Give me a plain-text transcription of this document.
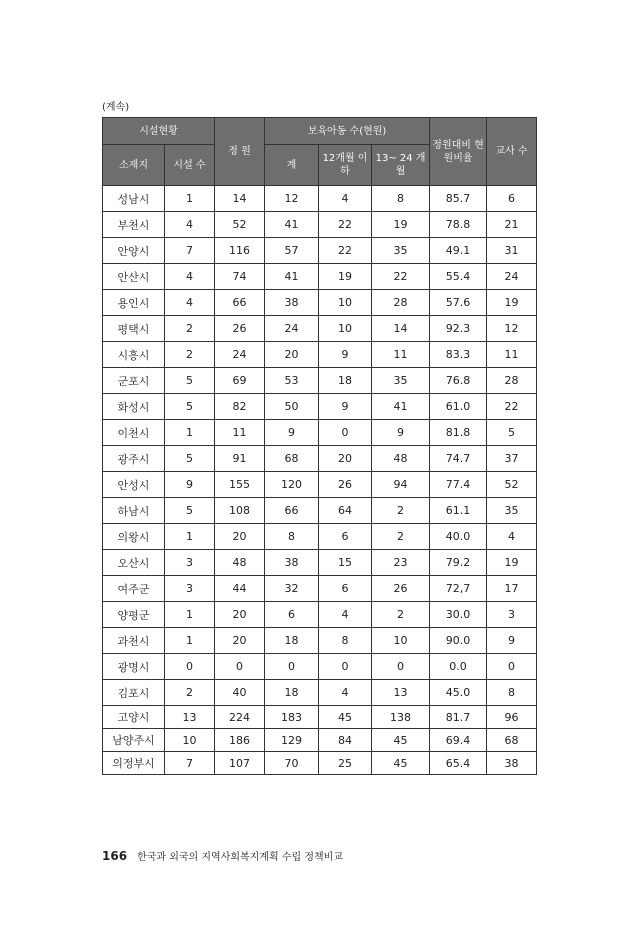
(계속)
시설현황		정 원	보육아동 수(현원)			정원대비 현원비율	교사 수
소재지	시설 수		계	12개월 이하	13~ 24 개월		
성남시	1	14	12	4	8	85.7	6
부천시	4	52	41	22	19	78.8	21
안양시	7	116	57	22	35	49.1	31
안산시	4	74	41	19	22	55.4	24
용인시	4	66	38	10	28	57.6	19
평택시	2	26	24	10	14	92.3	12
시흥시	2	24	20	9	11	83.3	11
군포시	5	69	53	18	35	76.8	28
화성시	5	82	50	9	41	61.0	22
이천시	1	11	9	0	9	81.8	5
광주시	5	91	68	20	48	74.7	37
안성시	9	155	120	26	94	77.4	52
하남시	5	108	66	64	2	61.1	35
의왕시	1	20	8	6	2	40.0	4
오산시	3	48	38	15	23	79.2	19
여주군	3	44	32	6	26	72,7	17
양평군	1	20	6	4	2	30.0	3
과천시	1	20	18	8	10	90.0	9
광명시	0	0	0	0	0	0.0	0
김포시	2	40	18	4	13	45.0	8
고양시	13	224	183	45	138	81.7	96
남양주시	10	186	129	84	45	69.4	68
의정부시	7	107	70	25	45	65.4	38
166 한국과 외국의 지역사회복지계획 수립 정책비교
